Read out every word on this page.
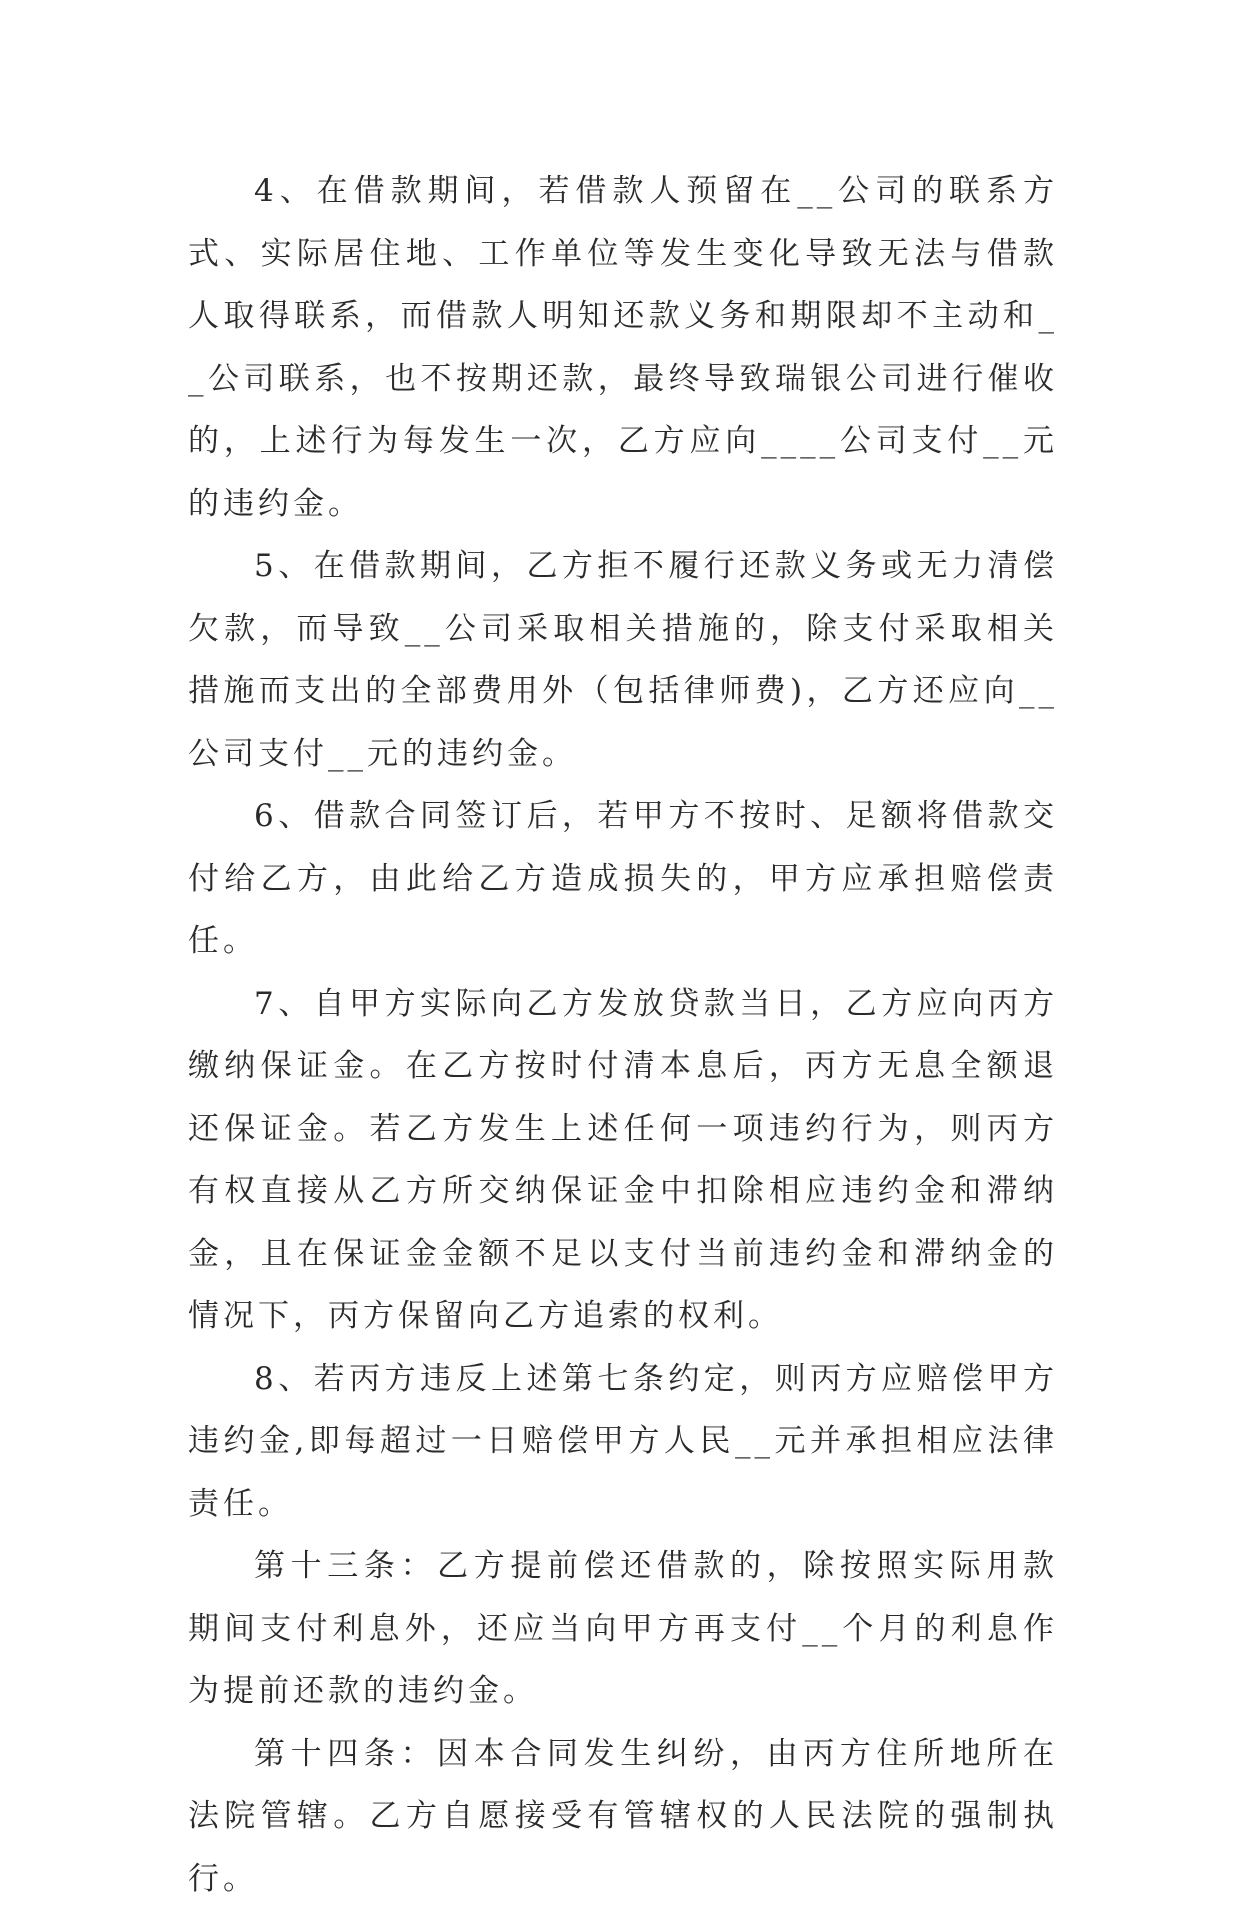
4、在借款期间，若借款人预留在__公司的联系方式、实际居住地、工作单位等发生变化导致无法与借款人取得联系，而借款人明知还款义务和期限却不主动和__公司联系，也不按期还款，最终导致瑞银公司进行催收的，上述行为每发生一次，乙方应向____公司支付__元的违约金。

5、在借款期间，乙方拒不履行还款义务或无力清偿欠款，而导致__公司采取相关措施的，除支付采取相关措施而支出的全部费用外（包括律师费)，乙方还应向__公司支付__元的违约金。

6、借款合同签订后，若甲方不按时、足额将借款交付给乙方，由此给乙方造成损失的，甲方应承担赔偿责任。

7、自甲方实际向乙方发放贷款当日，乙方应向丙方缴纳保证金。在乙方按时付清本息后，丙方无息全额退还保证金。若乙方发生上述任何一项违约行为，则丙方有权直接从乙方所交纳保证金中扣除相应违约金和滞纳金，且在保证金金额不足以支付当前违约金和滞纳金的情况下，丙方保留向乙方追索的权利。

8、若丙方违反上述第七条约定，则丙方应赔偿甲方违约金,即每超过一日赔偿甲方人民__元并承担相应法律责任。

第十三条：乙方提前偿还借款的，除按照实际用款期间支付利息外，还应当向甲方再支付__个月的利息作为提前还款的违约金。

第十四条：因本合同发生纠纷，由丙方住所地所在法院管辖。乙方自愿接受有管辖权的人民法院的强制执行。
